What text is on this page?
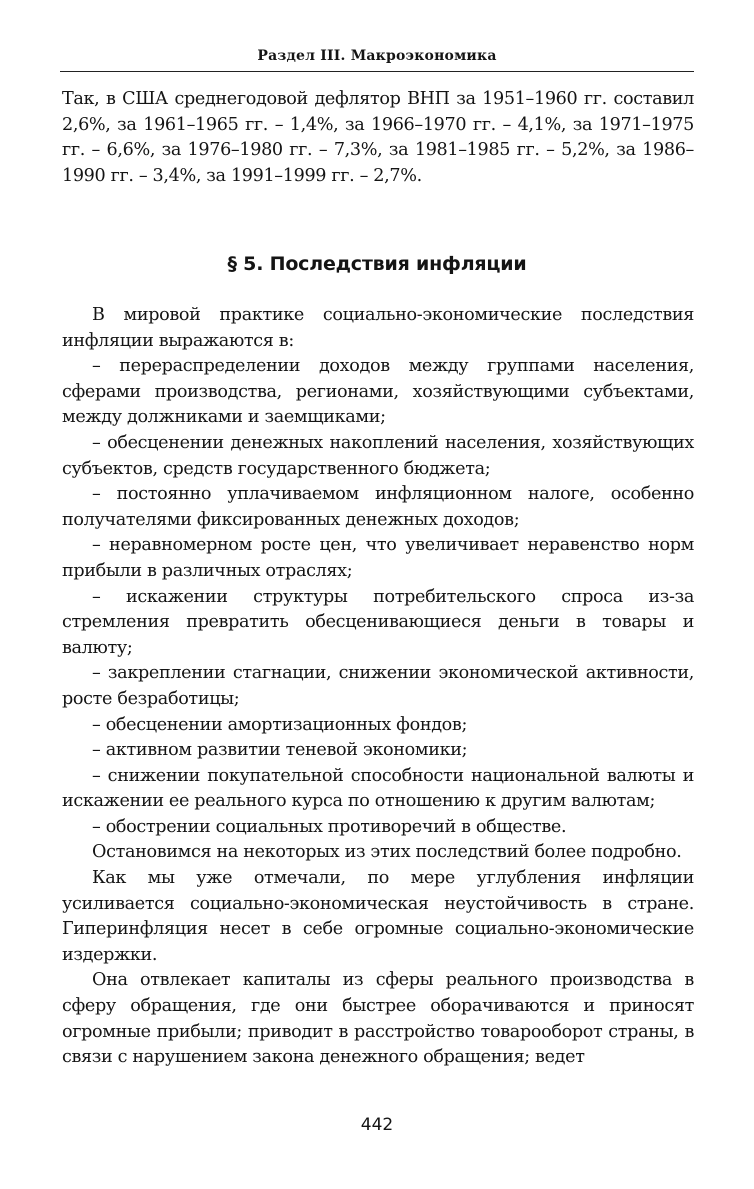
Раздел III. Макроэкономика

Так, в США среднегодовой дефлятор ВНП за 1951–1960 гг. составил 2,6%, за 1961–1965 гг. – 1,4%, за 1966–1970 гг. – 4,1%, за 1971–1975 гг. – 6,6%, за 1976–1980 гг. – 7,3%, за 1981–1985 гг. – 5,2%, за 1986–1990 гг. – 3,4%, за 1991–1999 гг. – 2,7%.

§ 5. Последствия инфляции

В мировой практике социально-экономические последствия инфляции выражаются в:

– перераспределении доходов между группами населения, сферами производства, регионами, хозяйствующими субъектами, между должниками и заемщиками;

– обесценении денежных накоплений населения, хозяйствующих субъектов, средств государственного бюджета;

– постоянно уплачиваемом инфляционном налоге, особенно получателями фиксированных денежных доходов;

– неравномерном росте цен, что увеличивает неравенство норм прибыли в различных отраслях;

– искажении структуры потребительского спроса из-за стремления превратить обесценивающиеся деньги в товары и валюту;

– закреплении стагнации, снижении экономической активности, росте безработицы;

– обесценении амортизационных фондов;

– активном развитии теневой экономики;

– снижении покупательной способности национальной валюты и искажении ее реального курса по отношению к другим валютам;

– обострении социальных противоречий в обществе.

Остановимся на некоторых из этих последствий более подробно.

Как мы уже отмечали, по мере углубления инфляции усиливается социально-экономическая неустойчивость в стране. Гиперинфляция несет в себе огромные социально-экономические издержки.

Она отвлекает капиталы из сферы реального производства в сферу обращения, где они быстрее оборачиваются и приносят огромные прибыли; приводит в расстройство товарооборот страны, в связи с нарушением закона денежного обращения; ведет

442
